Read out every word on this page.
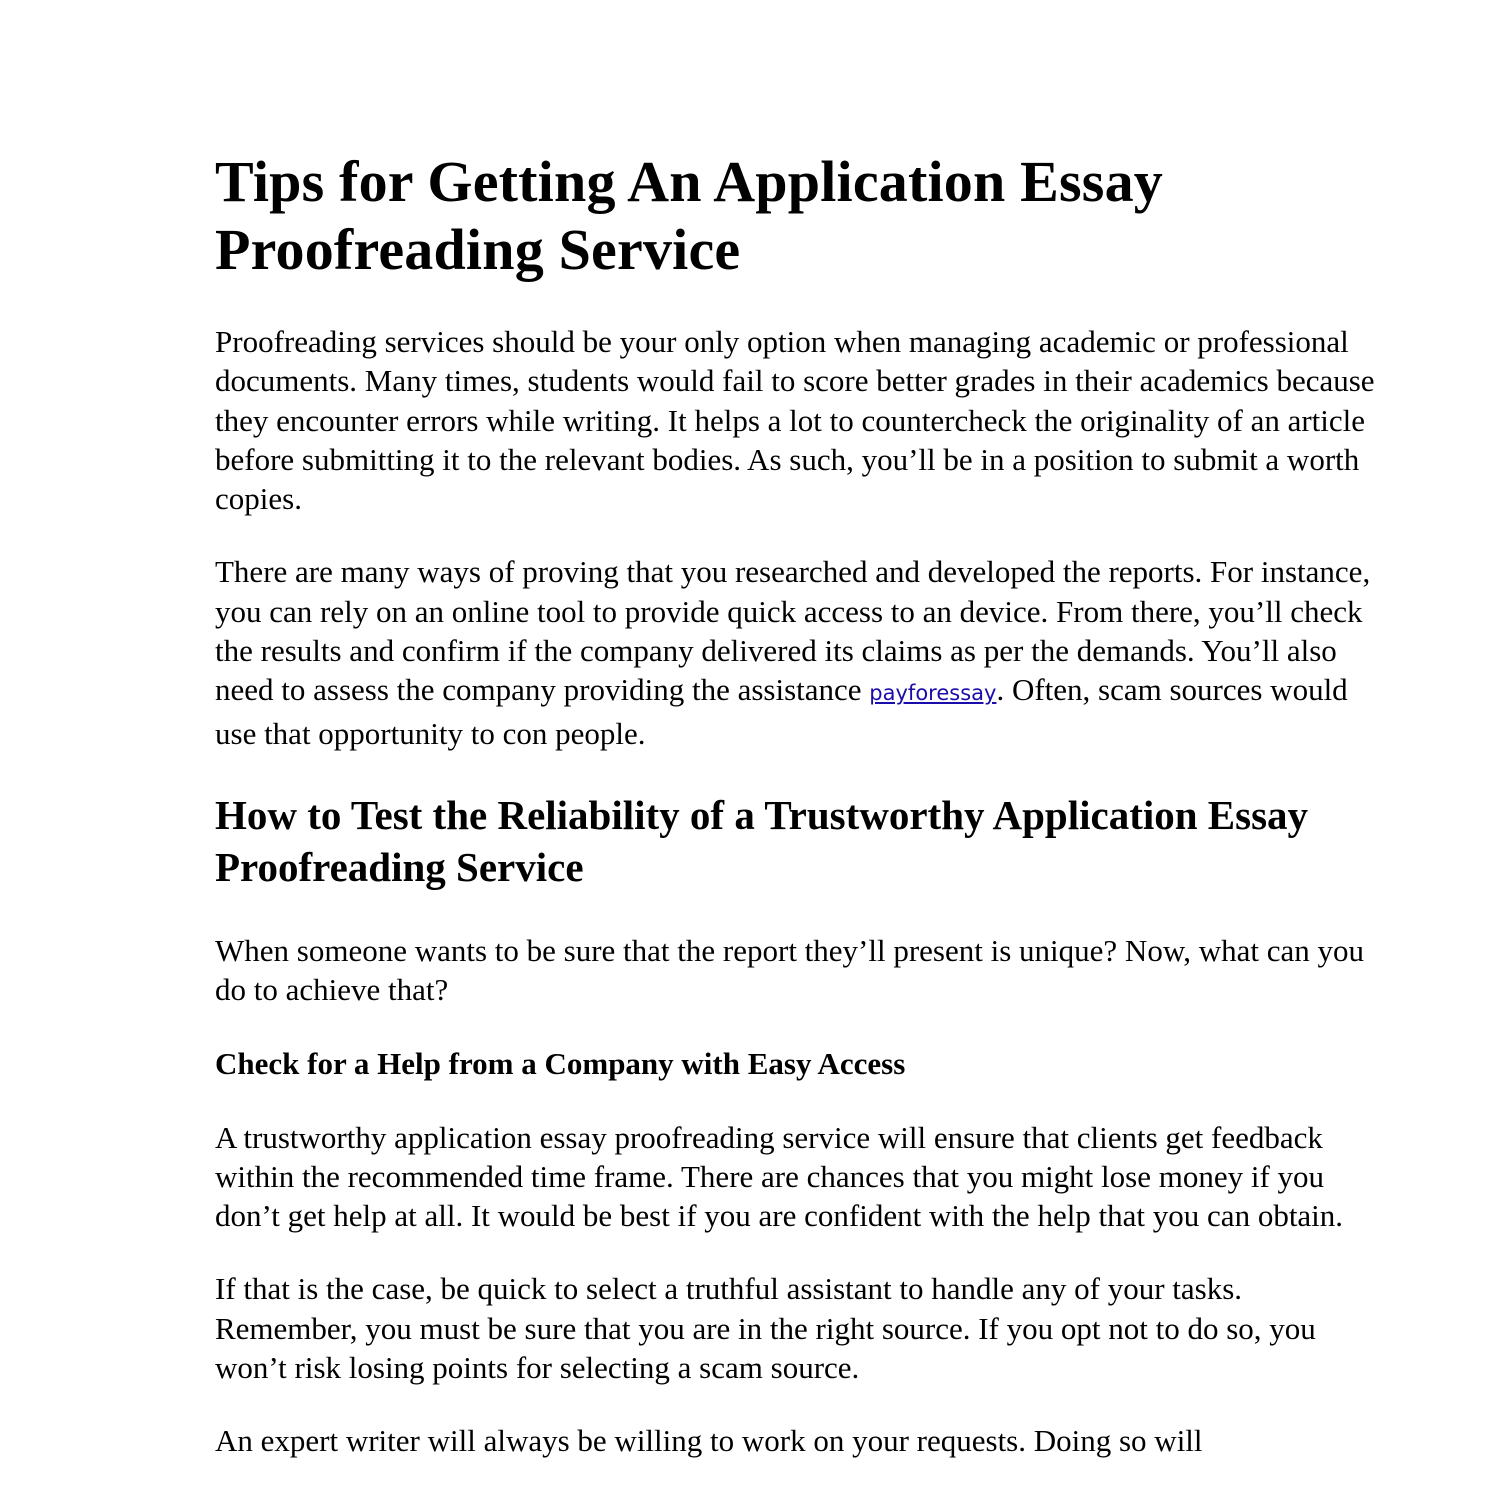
Tips for Getting An Application Essay Proofreading Service

Proofreading services should be your only option when managing academic or professional documents. Many times, students would fail to score better grades in their academics because they encounter errors while writing. It helps a lot to countercheck the originality of an article before submitting it to the relevant bodies. As such, you’ll be in a position to submit a worth copies.

There are many ways of proving that you researched and developed the reports. For instance, you can rely on an online tool to provide quick access to an device. From there, you’ll check the results and confirm if the company delivered its claims as per the demands. You’ll also need to assess the company providing the assistance payforessay. Often, scam sources would use that opportunity to con people.

How to Test the Reliability of a Trustworthy Application Essay Proofreading Service

When someone wants to be sure that the report they’ll present is unique? Now, what can you do to achieve that?

Check for a Help from a Company with Easy Access

A trustworthy application essay proofreading service will ensure that clients get feedback within the recommended time frame. There are chances that you might lose money if you don’t get help at all. It would be best if you are confident with the help that you can obtain.

If that is the case, be quick to select a truthful assistant to handle any of your tasks. Remember, you must be sure that you are in the right source. If you opt not to do so, you won’t risk losing points for selecting a scam source.

An expert writer will always be willing to work on your requests. Doing so will
